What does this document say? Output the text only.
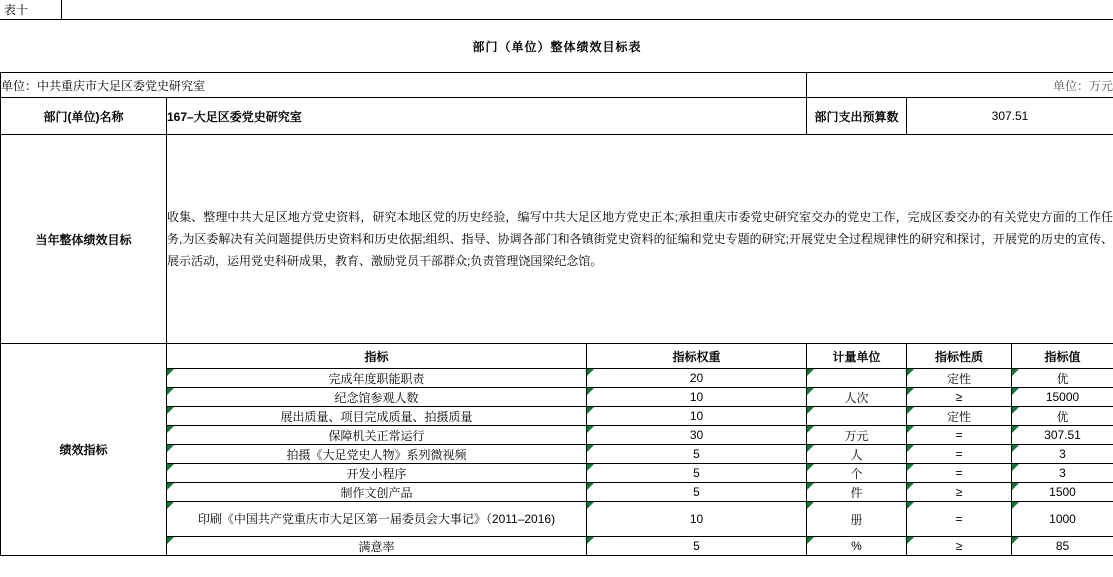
表十
部门（单位）整体绩效目标表					
单位：中共重庆市大足区委党史研究室			单位：万元		
部门(单位)名称	167–大足区委党史研究室		部门支出预算数	307.51	
当年整体绩效目标	收集、整理中共大足区地方党史资料，研究本地区党的历史经验，编写中共大足区地方党史正本;承担重庆市委党史研究室交办的党史工作，完成区委交办的有关党史方面的工作任务,为区委解决有关问题提供历史资料和历史依据;组织、指导、协调各部门和各镇街党史资料的征编和党史专题的研究;开展党史全过程规律性的研究和探讨，开展党的历史的宣传、展示活动，运用党史科研成果，教育、激励党员干部群众;负责管理饶国梁纪念馆。				
绩效指标	指标	指标权重	计量单位	指标性质	指标值
	完成年度职能职责	20		定性	优
	纪念馆参观人数	10	人次	≥	15000
	展出质量、项目完成质量、拍摄质量	10		定性	优
	保障机关正常运行	30	万元	=	307.51
	拍摄《大足党史人物》系列微视频	5	人	=	3
	开发小程序	5	个	=	3
	制作文创产品	5	件	≥	1500
	印刷《中国共产党重庆市大足区第一届委员会大事记》（2011–2016)	10	册	=	1000
	满意率	5	%	≥	85
